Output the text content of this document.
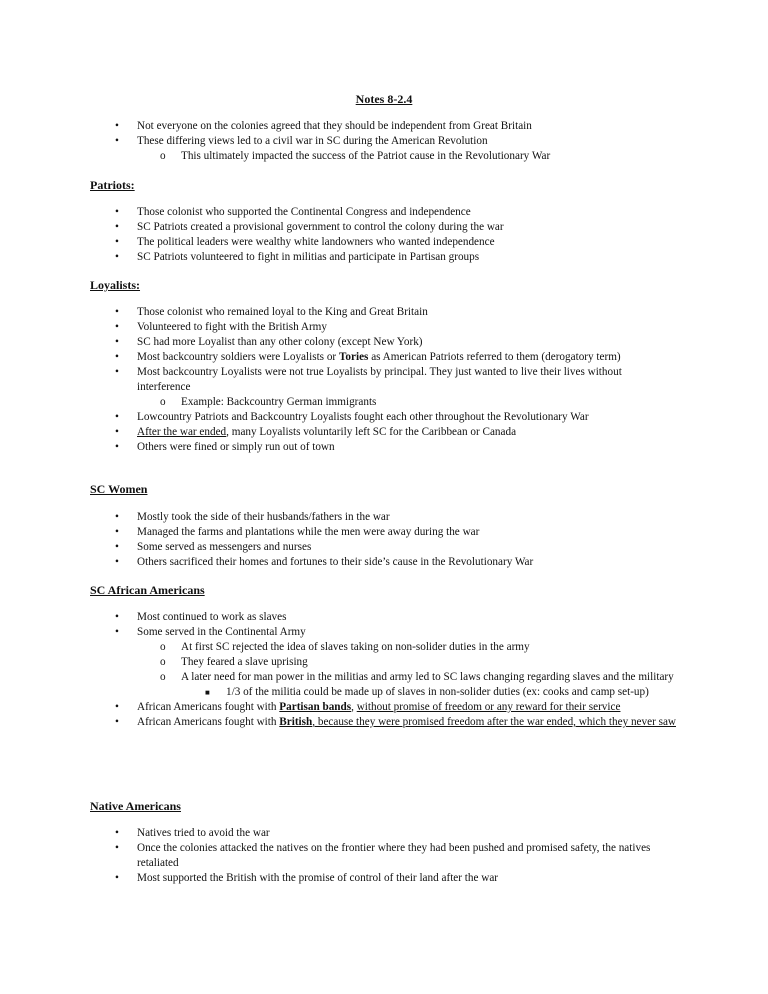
Notes 8-2.4
• Not everyone on the colonies agreed that they should be independent from Great Britain
• These differing views led to a civil war in SC during the American Revolution
o This ultimately impacted the success of the Patriot cause in the Revolutionary War
Patriots:
• Those colonist who supported the Continental Congress and independence
• SC Patriots created a provisional government to control the colony during the war
• The political leaders were wealthy white landowners who wanted independence
• SC Patriots volunteered to fight in militias and participate in Partisan groups
Loyalists:
• Those colonist who remained loyal to the King and Great Britain
• Volunteered to fight with the British Army
• SC had more Loyalist than any other colony (except New York)
• Most backcountry soldiers were Loyalists or Tories as American Patriots referred to them (derogatory term)
• Most backcountry Loyalists were not true Loyalists by principal. They just wanted to live their lives without interference
o Example: Backcountry German immigrants
• Lowcountry Patriots and Backcountry Loyalists fought each other throughout the Revolutionary War
• After the war ended, many Loyalists voluntarily left SC for the Caribbean or Canada
• Others were fined or simply run out of town
SC Women
• Mostly took the side of their husbands/fathers in the war
• Managed the farms and plantations while the men were away during the war
• Some served as messengers and nurses
• Others sacrificed their homes and fortunes to their side’s cause in the Revolutionary War
SC African Americans
• Most continued to work as slaves
• Some served in the Continental Army
o At first SC rejected the idea of slaves taking on non-solider duties in the army
o They feared a slave uprising
o A later need for man power in the militias and army led to SC laws changing regarding slaves and the military
■ 1/3 of the militia could be made up of slaves in non-solider duties (ex: cooks and camp set-up)
• African Americans fought with Partisan bands, without promise of freedom or any reward for their service
• African Americans fought with British, because they were promised freedom after the war ended, which they never saw
Native Americans
• Natives tried to avoid the war
• Once the colonies attacked the natives on the frontier where they had been pushed and promised safety, the natives retaliated
• Most supported the British with the promise of control of their land after the war
